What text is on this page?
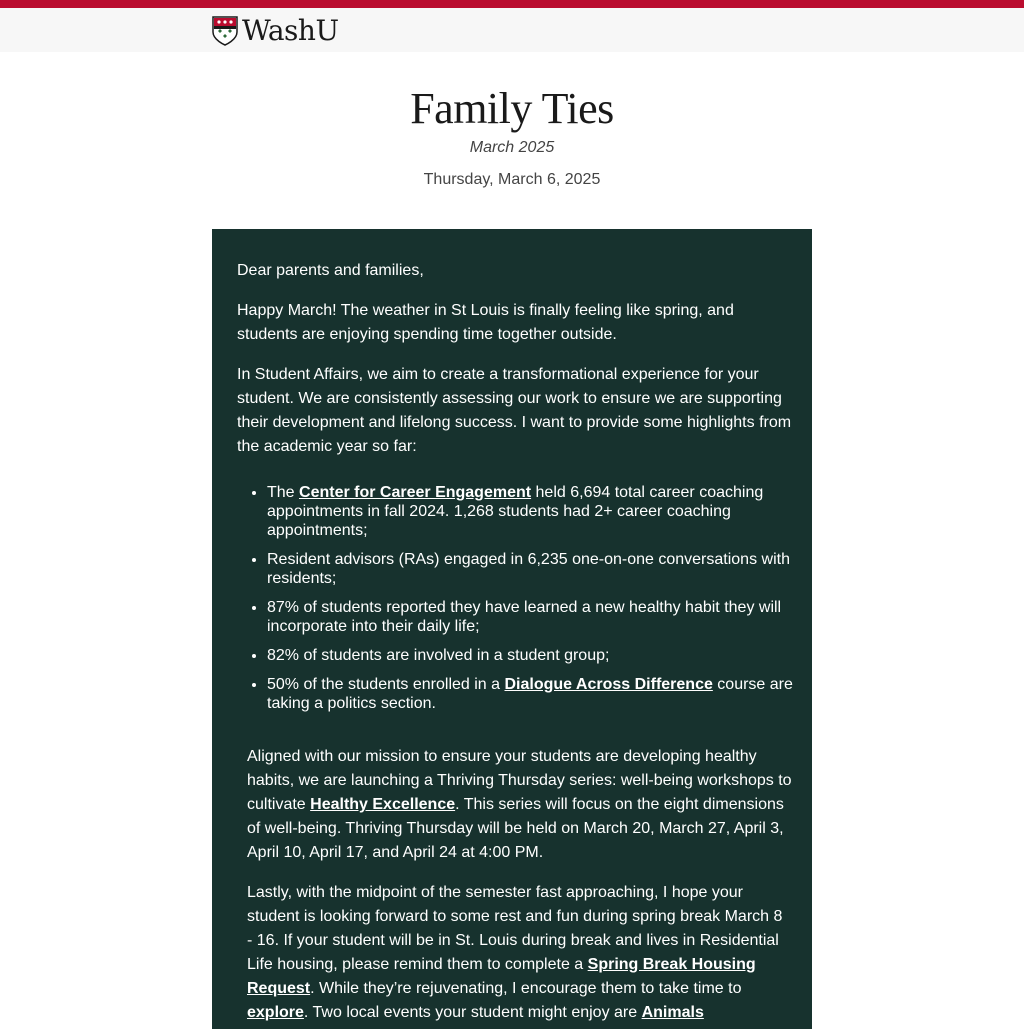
WashU
Family Ties
March 2025
Thursday, March 6, 2025

Dear parents and families,

Happy March! The weather in St Louis is finally feeling like spring, and students are enjoying spending time together outside.

In Student Affairs, we aim to create a transformational experience for your student. We are consistently assessing our work to ensure we are supporting their development and lifelong success. I want to provide some highlights from the academic year so far:

• The Center for Career Engagement held 6,694 total career coaching appointments in fall 2024. 1,268 students had 2+ career coaching appointments;
• Resident advisors (RAs) engaged in 6,235 one-on-one conversations with residents;
• 87% of students reported they have learned a new healthy habit they will incorporate into their daily life;
• 82% of students are involved in a student group;
• 50% of the students enrolled in a Dialogue Across Difference course are taking a politics section.

Aligned with our mission to ensure your students are developing healthy habits, we are launching a Thriving Thursday series: well-being workshops to cultivate Healthy Excellence. This series will focus on the eight dimensions of well-being. Thriving Thursday will be held on March 20, March 27, April 3, April 10, April 17, and April 24 at 4:00 PM.

Lastly, with the midpoint of the semester fast approaching, I hope your student is looking forward to some rest and fun during spring break March 8 - 16. If your student will be in St. Louis during break and lives in Residential Life housing, please remind them to complete a Spring Break Housing Request. While they’re rejuvenating, I encourage them to take time to explore. Two local events your student might enjoy are Animals
